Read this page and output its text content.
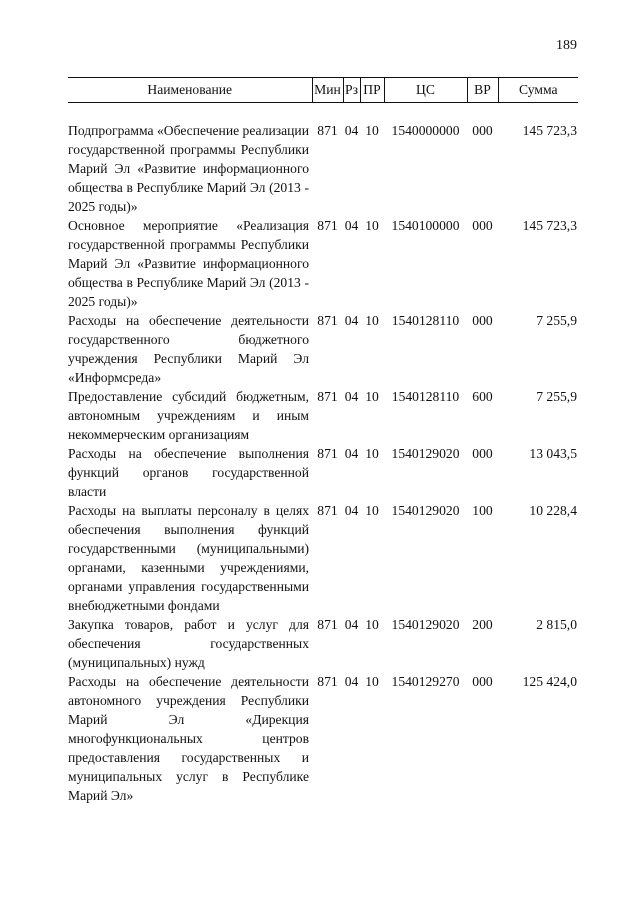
189
Наименование	Мин	Рз	ПР	ЦС	ВР	Сумма

Подпрограмма «Обеспечение реализации государственной программы Республики Марий Эл «Развитие информационного общества в Республике Марий Эл (2013 - 2025 годы)»	871	04	10	1540000000	000	145 723,3
Основное мероприятие «Реализация государственной программы Республики Марий Эл «Развитие информационного общества в Республике Марий Эл (2013 - 2025 годы)»	871	04	10	1540100000	000	145 723,3
Расходы на обеспечение деятельности государственного бюджетного учреждения Республики Марий Эл «Информсреда»	871	04	10	1540128110	000	7 255,9
Предоставление субсидий бюджетным, автономным учреждениям и иным некоммерческим организациям	871	04	10	1540128110	600	7 255,9
Расходы на обеспечение выполнения функций органов государственной власти	871	04	10	1540129020	000	13 043,5
Расходы на выплаты персоналу в целях обеспечения выполнения функций государственными (муниципальными) органами, казенными учреждениями, органами управления государственными внебюджетными фондами	871	04	10	1540129020	100	10 228,4
Закупка товаров, работ и услуг для обеспечения государственных (муниципальных) нужд	871	04	10	1540129020	200	2 815,0
Расходы на обеспечение деятельности автономного учреждения Республики Марий Эл «Дирекция многофункциональных центров предоставления государственных и муниципальных услуг в Республике Марий Эл»	871	04	10	1540129270	000	125 424,0
